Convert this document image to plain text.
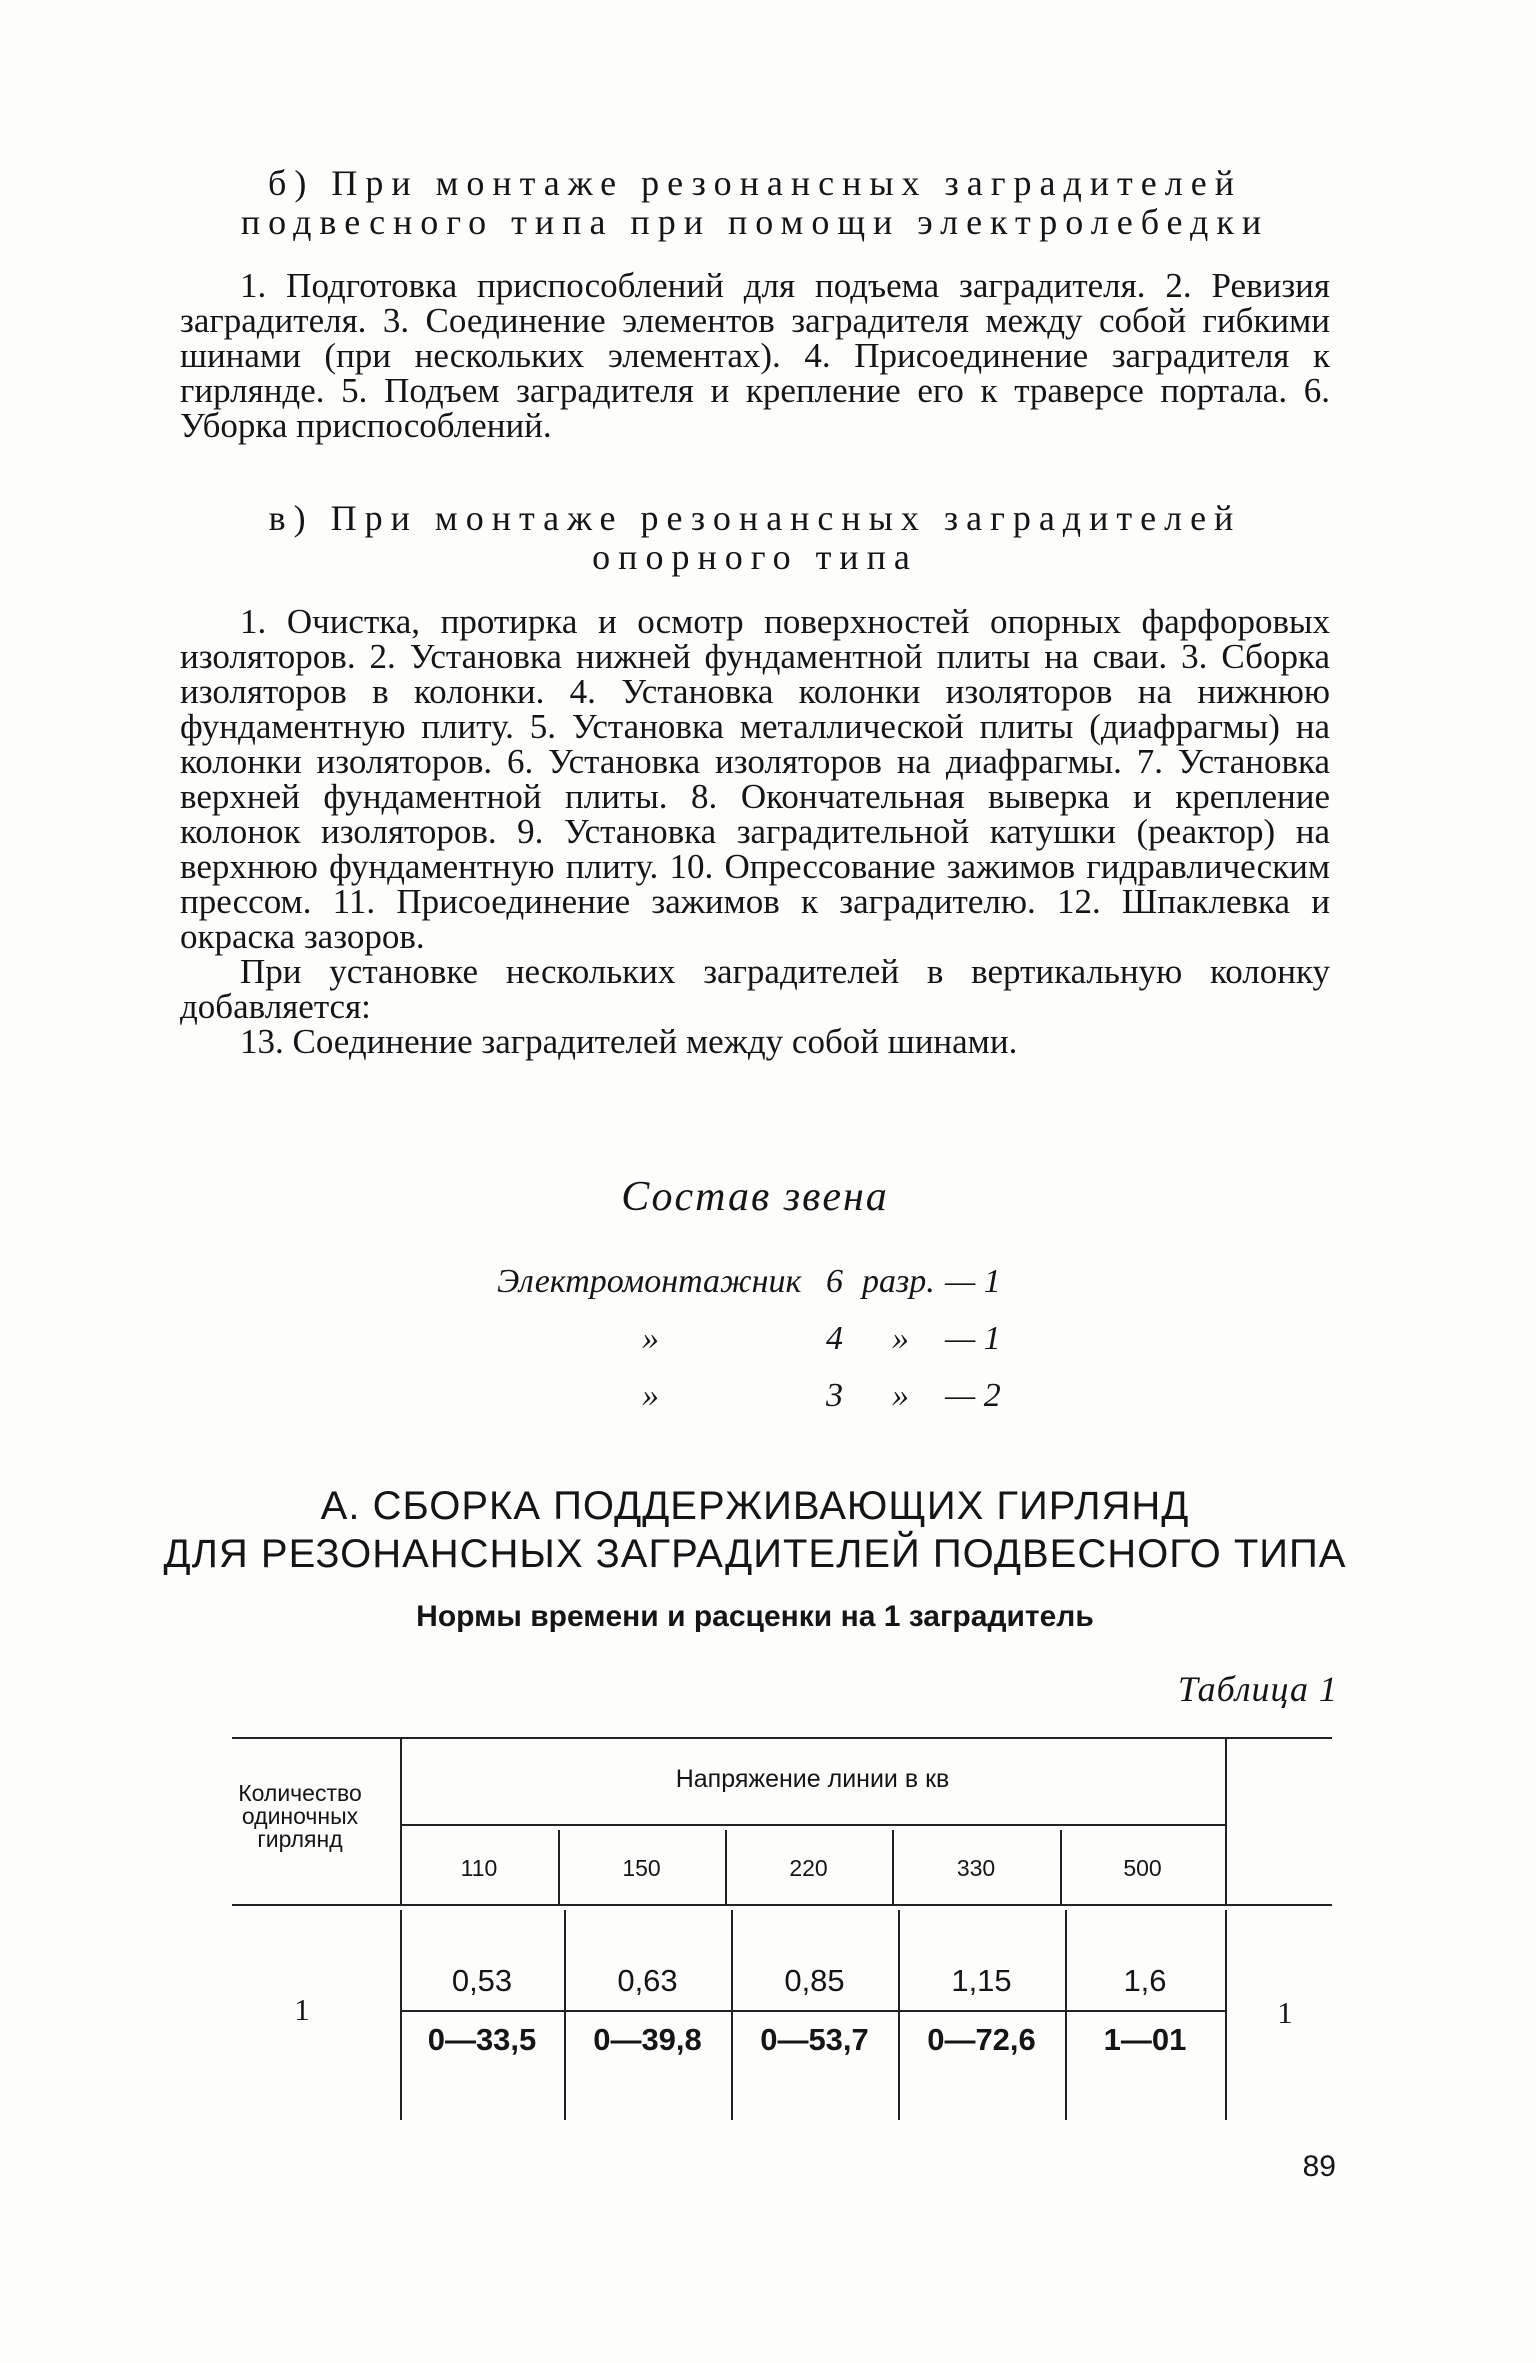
б) При монтаже резонансных заградителей
подвесного типа при помощи электролебедки

1. Подготовка приспособлений для подъема заградителя. 2. Ревизия заградителя. 3. Соединение элементов заградителя между собой гибкими шинами (при нескольких элементах). 4. Присоединение заградителя к гирлянде. 5. Подъем заградителя и крепление его к траверсе портала. 6. Уборка приспособлений.

в) При монтаже резонансных заградителей
опорного типа

1. Очистка, протирка и осмотр поверхностей опорных фарфоровых изоляторов. 2. Установка нижней фундаментной плиты на сваи. 3. Сборка изоляторов в колонки. 4. Установка колонки изоляторов на нижнюю фундаментную плиту. 5. Установка металлической плиты (диафрагмы) на колонки изоляторов. 6. Установка изоляторов на диафрагмы. 7. Установка верхней фундаментной плиты. 8. Окончательная выверка и крепление колонок изоляторов. 9. Установка заградительной катушки (реактор) на верхнюю фундаментную плиту. 10. Опрессование зажимов гидравлическим прессом. 11. Присоединение зажимов к заградителю. 12. Шпаклевка и окраска зазоров.

При установке нескольких заградителей в вертикальную колонку добавляется:

13. Соединение заградителей между собой шинами.

Состав звена
Электромонтажник 6 разр. — 1
»	4 » — 1
»	3 » — 2
А. СБОРКА ПОДДЕРЖИВАЮЩИХ ГИРЛЯНД
ДЛЯ РЕЗОНАНСНЫХ ЗАГРАДИТЕЛЕЙ ПОДВЕСНОГО ТИПА
Нормы времени и расценки на 1 заградитель
Таблица 1
Количество
одиночных
гирлянд
Напряжение линии в кв
110	150	220	330	500
1
0,53	0,63	0,85	1,15	1,6
0—33,5	0—39,8	0—53,7	0—72,6	1—01
1
89
